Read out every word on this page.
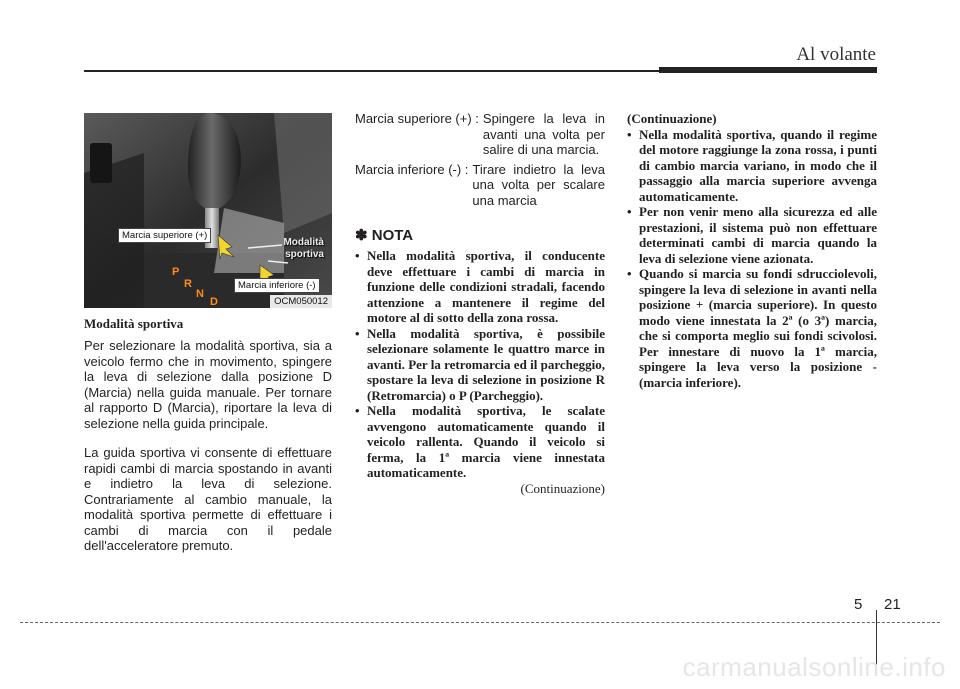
Al volante
P
R
N
D
Marcia superiore (+)
Marcia inferiore (-)
Modalità
sportiva
OCM050012
Modalità sportiva

Per selezionare la modalità sportiva, sia a veicolo fermo che in movimento, spingere la leva di selezione dalla posizione D (Marcia) nella guida manuale. Per tornare al rapporto D (Marcia), riportare la leva di selezione nella guida principale.

La guida sportiva vi consente di effettuare rapidi cambi di marcia spostando in avanti e indietro la leva di selezione. Contrariamente al cambio manuale, la modalità sportiva permette di effettuare i cambi di marcia con il pedale dell'acceleratore premuto.

Marcia superiore (+) : Spingere la leva in avanti una volta per salire di una marcia.
Marcia inferiore (-) : Tirare indietro la leva una volta per scalare una marcia
✽ NOTA
• Nella modalità sportiva, il conducente deve effettuare i cambi di marcia in funzione delle condizioni stradali, facendo attenzione a mantenere il regime del motore al di sotto della zona rossa.
• Nella modalità sportiva, è possibile selezionare solamente le quattro marce in avanti. Per la retromarcia ed il parcheggio, spostare la leva di selezione in posizione R (Retromarcia) o P (Parcheggio).
• Nella modalità sportiva, le scalate avvengono automaticamente quando il veicolo rallenta. Quando il veicolo si ferma, la 1ª marcia viene innestata automaticamente.
(Continuazione)
(Continuazione)
• Nella modalità sportiva, quando il regime del motore raggiunge la zona rossa, i punti di cambio marcia variano, in modo che il passaggio alla marcia superiore avvenga automaticamente.
• Per non venir meno alla sicurezza ed alle prestazioni, il sistema può non effettuare determinati cambi di marcia quando la leva di selezione viene azionata.
• Quando si marcia su fondi sdrucciolevoli, spingere la leva di selezione in avanti nella posizione + (marcia superiore). In questo modo viene innestata la 2ª (o 3ª) marcia, che si comporta meglio sui fondi scivolosi. Per innestare di nuovo la 1ª marcia, spingere la leva verso la posizione - (marcia inferiore).
5 21
carmanualsonline.info
